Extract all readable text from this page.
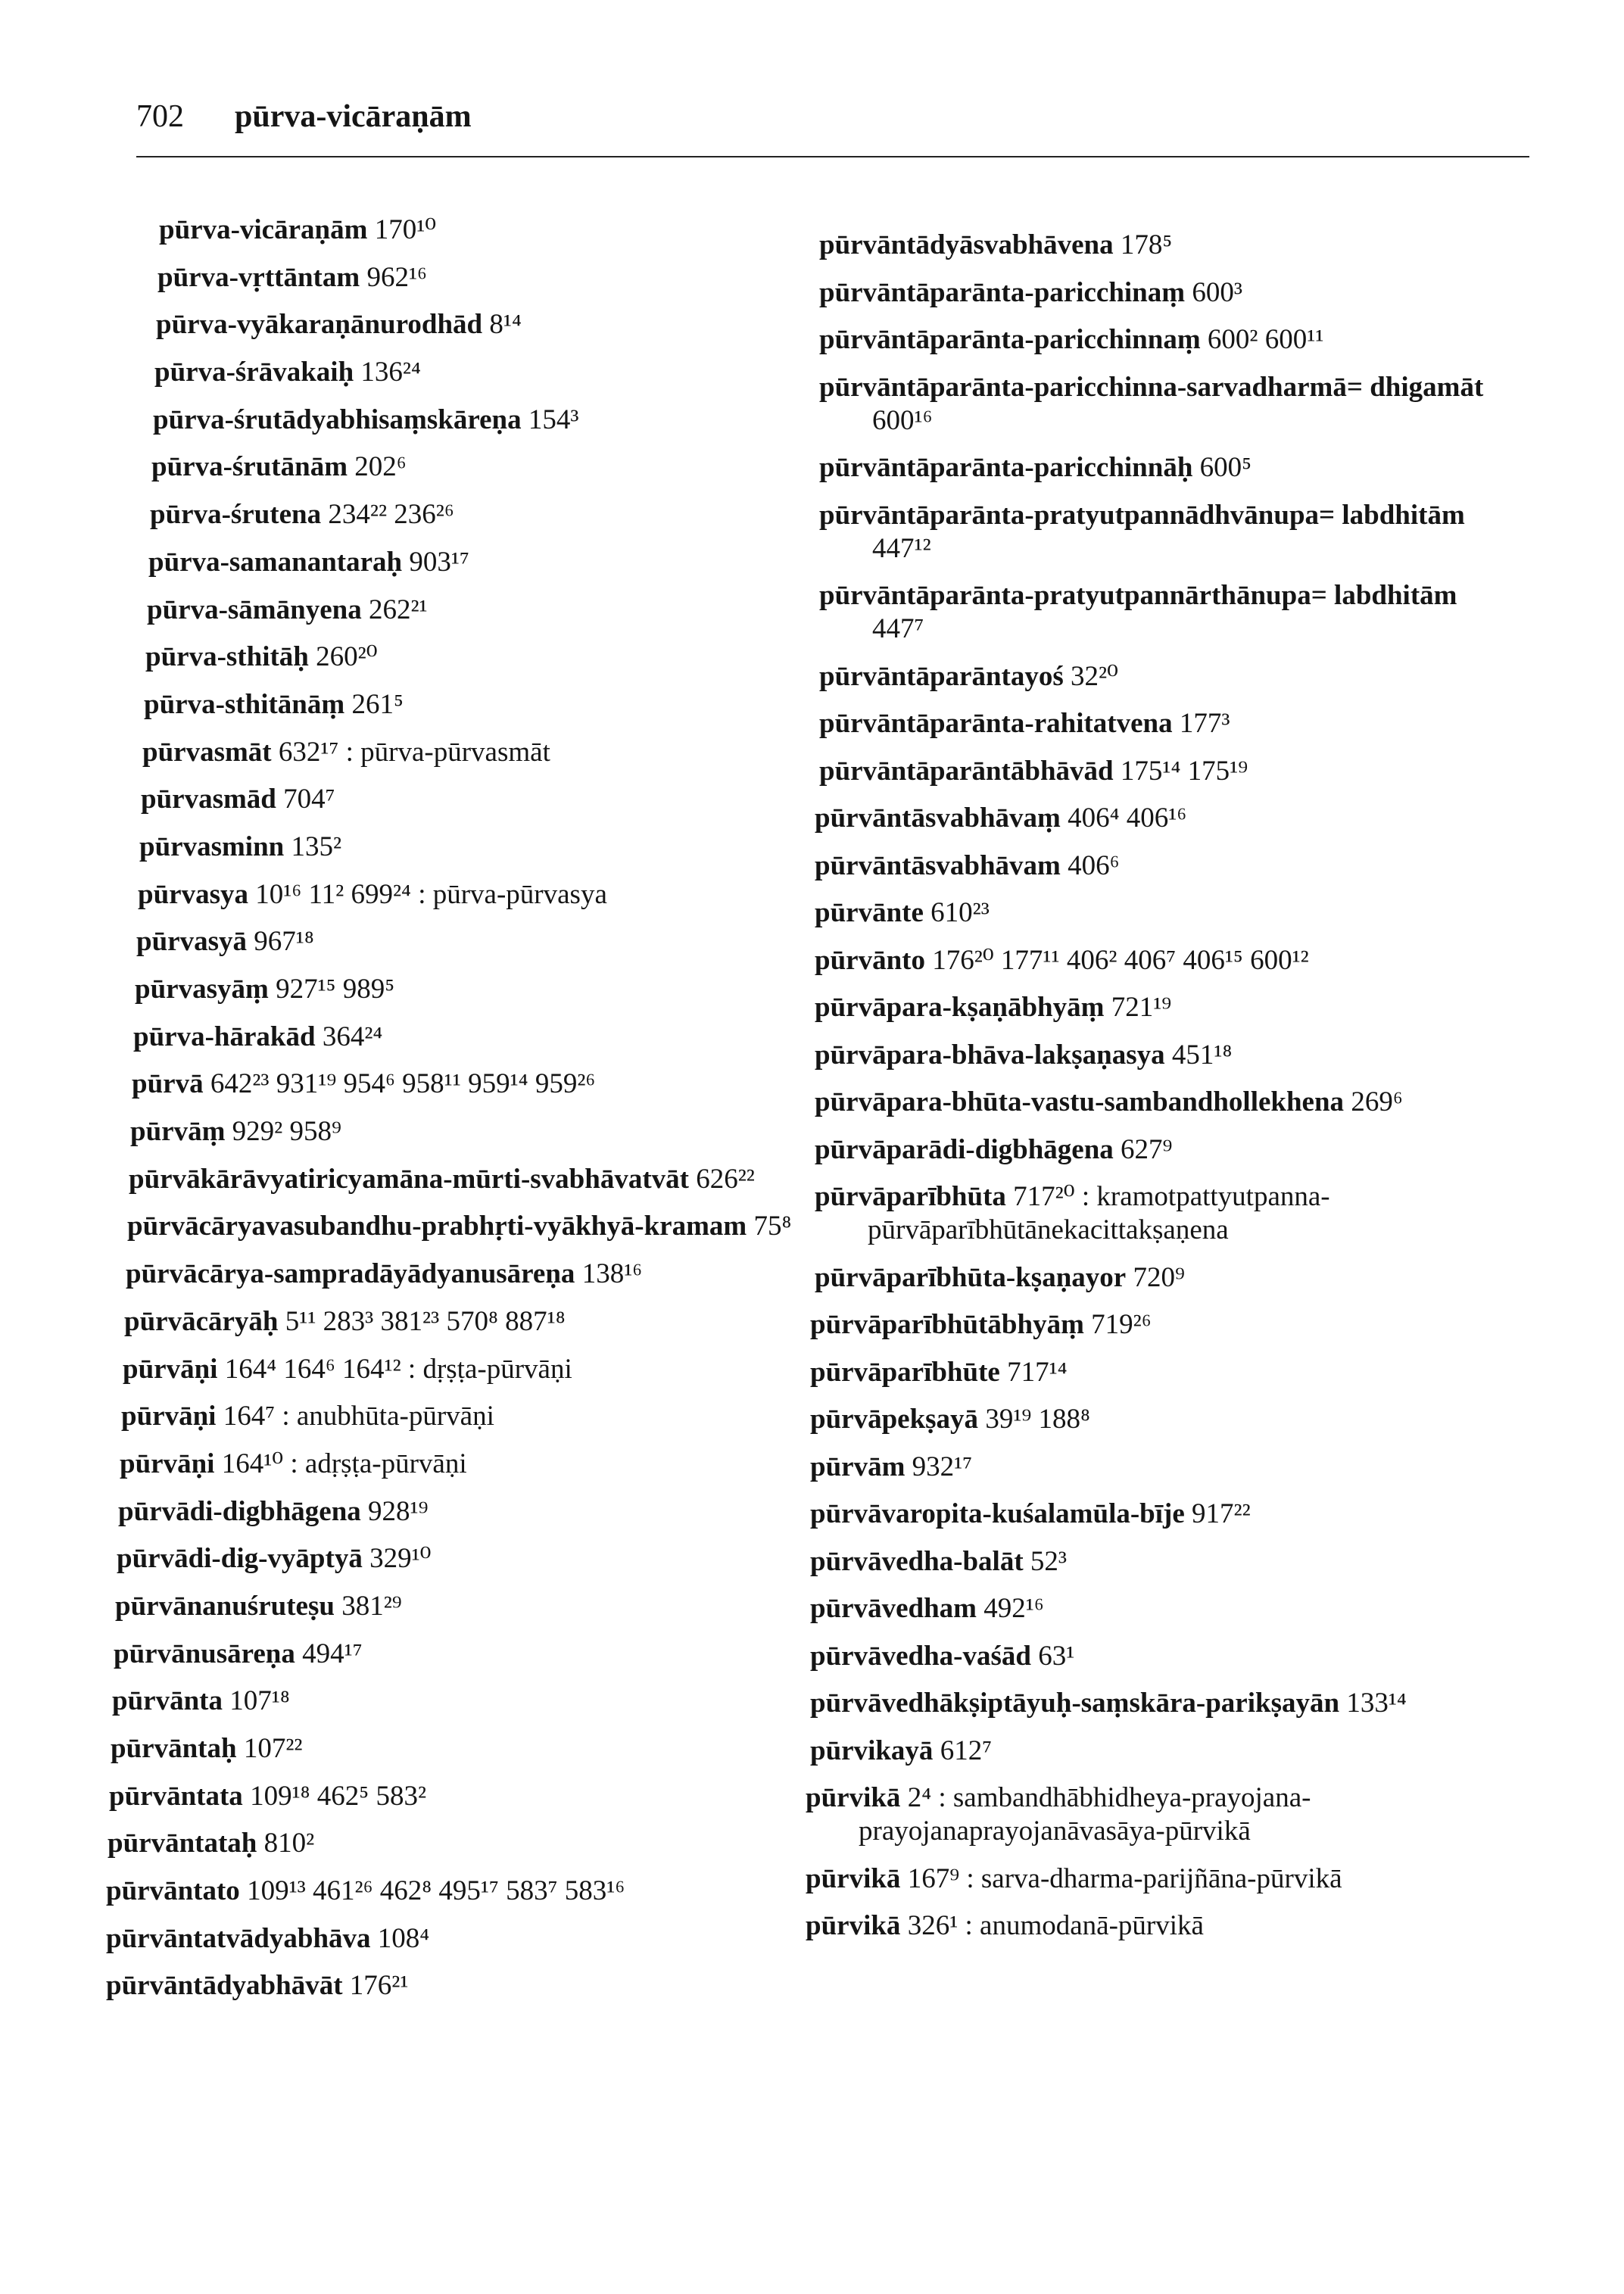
702 pūrva-vicāraṇām

pūrva-vicāraṇām 170¹⁰

pūrva-vṛttāntam 962¹⁶

pūrva-vyākaraṇānurodhād 8¹⁴

pūrva-śrāvakaiḥ 136²⁴

pūrva-śrutādyabhisaṃskāreṇa 154³

pūrva-śrutānām 202⁶

pūrva-śrutena 234²² 236²⁶

pūrva-samanantaraḥ 903¹⁷

pūrva-sāmānyena 262²¹

pūrva-sthitāḥ 260²⁰

pūrva-sthitānāṃ 261⁵

pūrvasmāt 632¹⁷ : pūrva-pūrvasmāt

pūrvasmād 704⁷

pūrvasminn 135²

pūrvasya 10¹⁶ 11² 699²⁴ : pūrva-pūrvasya

pūrvasyā 967¹⁸

pūrvasyāṃ 927¹⁵ 989⁵

pūrva-hārakād 364²⁴

pūrvā 642²³ 931¹⁹ 954⁶ 958¹¹ 959¹⁴ 959²⁶

pūrvāṃ 929² 958⁹

pūrvākārāvyatiricyamāna-mūrti-svabhāvatvāt 626²²

pūrvācāryavasubandhu-prabhṛti-vyākhyā-kramam 75⁸

pūrvācārya-sampradāyādyanusāreṇa 138¹⁶

pūrvācāryāḥ 5¹¹ 283³ 381²³ 570⁸ 887¹⁸

pūrvāṇi 164⁴ 164⁶ 164¹² : dṛṣṭa-pūrvāṇi

pūrvāṇi 164⁷ : anubhūta-pūrvāṇi

pūrvāṇi 164¹⁰ : adṛṣṭa-pūrvāṇi

pūrvādi-digbhāgena 928¹⁹

pūrvādi-dig-vyāptyā 329¹⁰

pūrvānanuśruteṣu 381²⁹

pūrvānusāreṇa 494¹⁷

pūrvānta 107¹⁸

pūrvāntaḥ 107²²

pūrvāntata 109¹⁸ 462⁵ 583²

pūrvāntataḥ 810²

pūrvāntato 109¹³ 461²⁶ 462⁸ 495¹⁷ 583⁷ 583¹⁶

pūrvāntatvādyabhāva 108⁴

pūrvāntādyabhāvāt 176²¹

pūrvāntādyāsvabhāvena 178⁵

pūrvāntāparānta-paricchinaṃ 600³

pūrvāntāparānta-paricchinnaṃ 600² 600¹¹

pūrvāntāparānta-paricchinna-sarvadharmā= dhigamāt 600¹⁶

pūrvāntāparānta-paricchinnāḥ 600⁵

pūrvāntāparānta-pratyutpannādhvānupa= labdhitām 447¹²

pūrvāntāparānta-pratyutpannārthānupa= labdhitām 447⁷

pūrvāntāparāntayoś 32²⁰

pūrvāntāparānta-rahitatvena 177³

pūrvāntāparāntābhāvād 175¹⁴ 175¹⁹

pūrvāntāsvabhāvaṃ 406⁴ 406¹⁶

pūrvāntāsvabhāvam 406⁶

pūrvānte 610²³

pūrvānto 176²⁰ 177¹¹ 406² 406⁷ 406¹⁵ 600¹²

pūrvāpara-kṣaṇābhyāṃ 721¹⁹

pūrvāpara-bhāva-lakṣaṇasya 451¹⁸

pūrvāpara-bhūta-vastu-sambandhollekhena 269⁶

pūrvāparādi-digbhāgena 627⁹

pūrvāparībhūta 717²⁰ : kramotpattyutpanna-pūrvāparībhūtānekacittakṣaṇena

pūrvāparībhūta-kṣaṇayor 720⁹

pūrvāparībhūtābhyāṃ 719²⁶

pūrvāparībhūte 717¹⁴

pūrvāpekṣayā 39¹⁹ 188⁸

pūrvām 932¹⁷

pūrvāvaropita-kuśalamūla-bīje 917²²

pūrvāvedha-balāt 52³

pūrvāvedham 492¹⁶

pūrvāvedha-vaśād 63¹

pūrvāvedhākṣiptāyuḥ-saṃskāra-parikṣayān 133¹⁴

pūrvikayā 612⁷

pūrvikā 2⁴ : sambandhābhidheya-prayojana-prayojanaprayojanāvasāya-pūrvikā

pūrvikā 167⁹ : sarva-dharma-parijñāna-pūrvikā

pūrvikā 326¹ : anumodanā-pūrvikā
